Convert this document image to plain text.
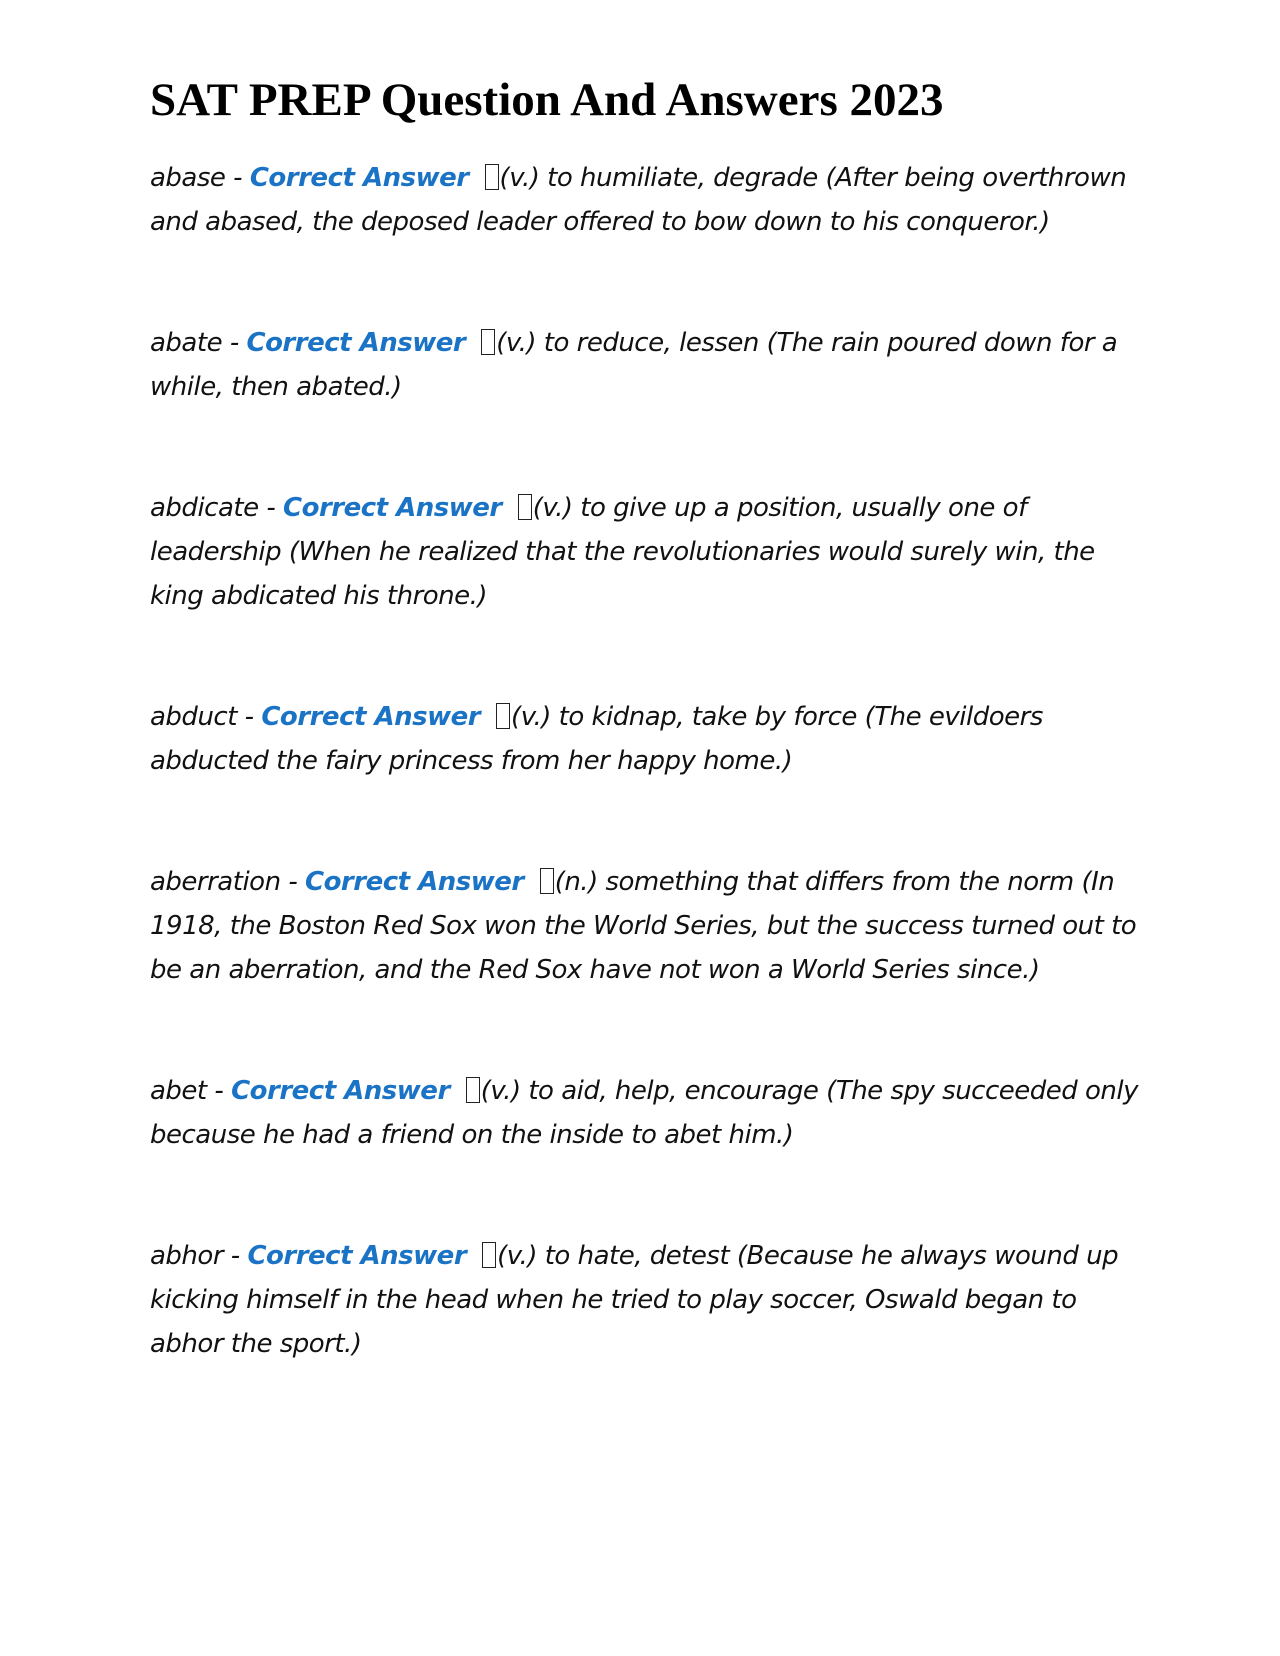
SAT PREP Question And Answers 2023
abase - Correct Answer (v.) to humiliate, degrade (After being overthrown and abased, the deposed leader offered to bow down to his conqueror.)
abate - Correct Answer (v.) to reduce, lessen (The rain poured down for a while, then abated.)
abdicate - Correct Answer (v.) to give up a position, usually one of leadership (When he realized that the revolutionaries would surely win, the king abdicated his throne.)
abduct - Correct Answer (v.) to kidnap, take by force (The evildoers abducted the fairy princess from her happy home.)
aberration - Correct Answer (n.) something that differs from the norm (In 1918, the Boston Red Sox won the World Series, but the success turned out to be an aberration, and the Red Sox have not won a World Series since.)
abet - Correct Answer (v.) to aid, help, encourage (The spy succeeded only because he had a friend on the inside to abet him.)
abhor - Correct Answer (v.) to hate, detest (Because he always wound up kicking himself in the head when he tried to play soccer, Oswald began to abhor the sport.)
